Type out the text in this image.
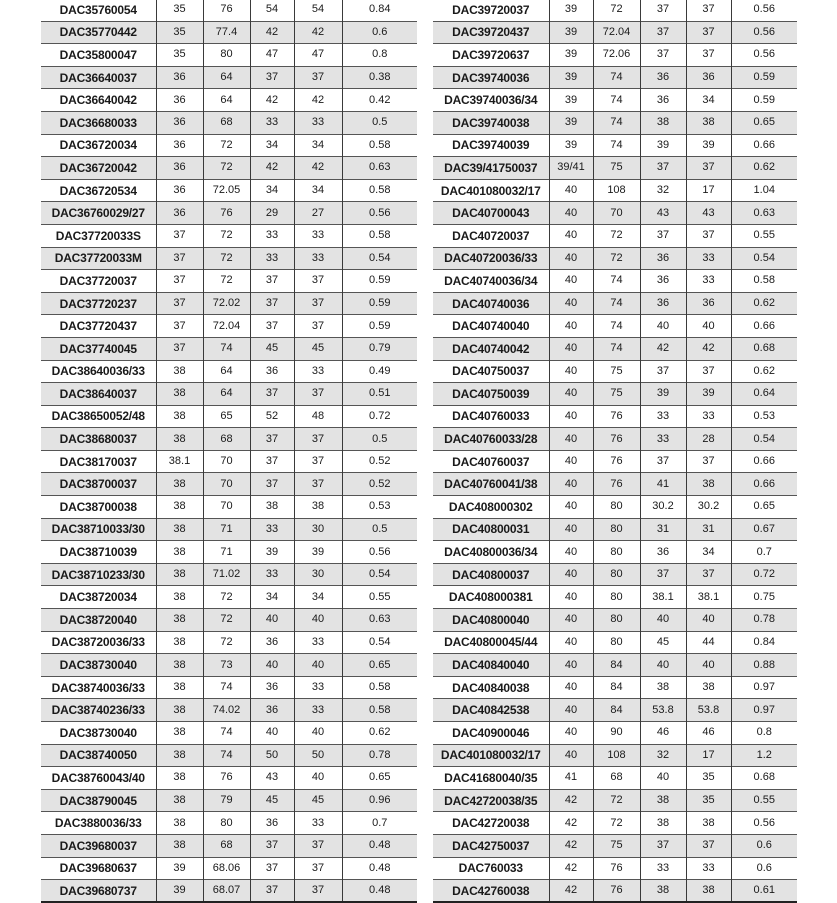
DAC35760054	35	76	54	54	0.84
DAC35770442	35	77.4	42	42	0.6
DAC35800047	35	80	47	47	0.8
DAC36640037	36	64	37	37	0.38
DAC36640042	36	64	42	42	0.42
DAC36680033	36	68	33	33	0.5
DAC36720034	36	72	34	34	0.58
DAC36720042	36	72	42	42	0.63
DAC36720534	36	72.05	34	34	0.58
DAC36760029/27	36	76	29	27	0.56
DAC37720033S	37	72	33	33	0.58
DAC37720033M	37	72	33	33	0.54
DAC37720037	37	72	37	37	0.59
DAC37720237	37	72.02	37	37	0.59
DAC37720437	37	72.04	37	37	0.59
DAC37740045	37	74	45	45	0.79
DAC38640036/33	38	64	36	33	0.49
DAC38640037	38	64	37	37	0.51
DAC38650052/48	38	65	52	48	0.72
DAC38680037	38	68	37	37	0.5
DAC38170037	38.1	70	37	37	0.52
DAC38700037	38	70	37	37	0.52
DAC38700038	38	70	38	38	0.53
DAC38710033/30	38	71	33	30	0.5
DAC38710039	38	71	39	39	0.56
DAC38710233/30	38	71.02	33	30	0.54
DAC38720034	38	72	34	34	0.55
DAC38720040	38	72	40	40	0.63
DAC38720036/33	38	72	36	33	0.54
DAC38730040	38	73	40	40	0.65
DAC38740036/33	38	74	36	33	0.58
DAC38740236/33	38	74.02	36	33	0.58
DAC38730040	38	74	40	40	0.62
DAC38740050	38	74	50	50	0.78
DAC38760043/40	38	76	43	40	0.65
DAC38790045	38	79	45	45	0.96
DAC3880036/33	38	80	36	33	0.7
DAC39680037	38	68	37	37	0.48
DAC39680637	39	68.06	37	37	0.48
DAC39680737	39	68.07	37	37	0.48
DAC39720037	39	72	37	37	0.56
DAC39720437	39	72.04	37	37	0.56
DAC39720637	39	72.06	37	37	0.56
DAC39740036	39	74	36	36	0.59
DAC39740036/34	39	74	36	34	0.59
DAC39740038	39	74	38	38	0.65
DAC39740039	39	74	39	39	0.66
DAC39/41750037	39/41	75	37	37	0.62
DAC401080032/17	40	108	32	17	1.04
DAC40700043	40	70	43	43	0.63
DAC40720037	40	72	37	37	0.55
DAC40720036/33	40	72	36	33	0.54
DAC40740036/34	40	74	36	33	0.58
DAC40740036	40	74	36	36	0.62
DAC40740040	40	74	40	40	0.66
DAC40740042	40	74	42	42	0.68
DAC40750037	40	75	37	37	0.62
DAC40750039	40	75	39	39	0.64
DAC40760033	40	76	33	33	0.53
DAC40760033/28	40	76	33	28	0.54
DAC40760037	40	76	37	37	0.66
DAC40760041/38	40	76	41	38	0.66
DAC408000302	40	80	30.2	30.2	0.65
DAC40800031	40	80	31	31	0.67
DAC40800036/34	40	80	36	34	0.7
DAC40800037	40	80	37	37	0.72
DAC408000381	40	80	38.1	38.1	0.75
DAC40800040	40	80	40	40	0.78
DAC40800045/44	40	80	45	44	0.84
DAC40840040	40	84	40	40	0.88
DAC40840038	40	84	38	38	0.97
DAC40842538	40	84	53.8	53.8	0.97
DAC40900046	40	90	46	46	0.8
DAC401080032/17	40	108	32	17	1.2
DAC41680040/35	41	68	40	35	0.68
DAC42720038/35	42	72	38	35	0.55
DAC42720038	42	72	38	38	0.56
DAC42750037	42	75	37	37	0.6
DAC760033	42	76	33	33	0.6
DAC42760038	42	76	38	38	0.61
